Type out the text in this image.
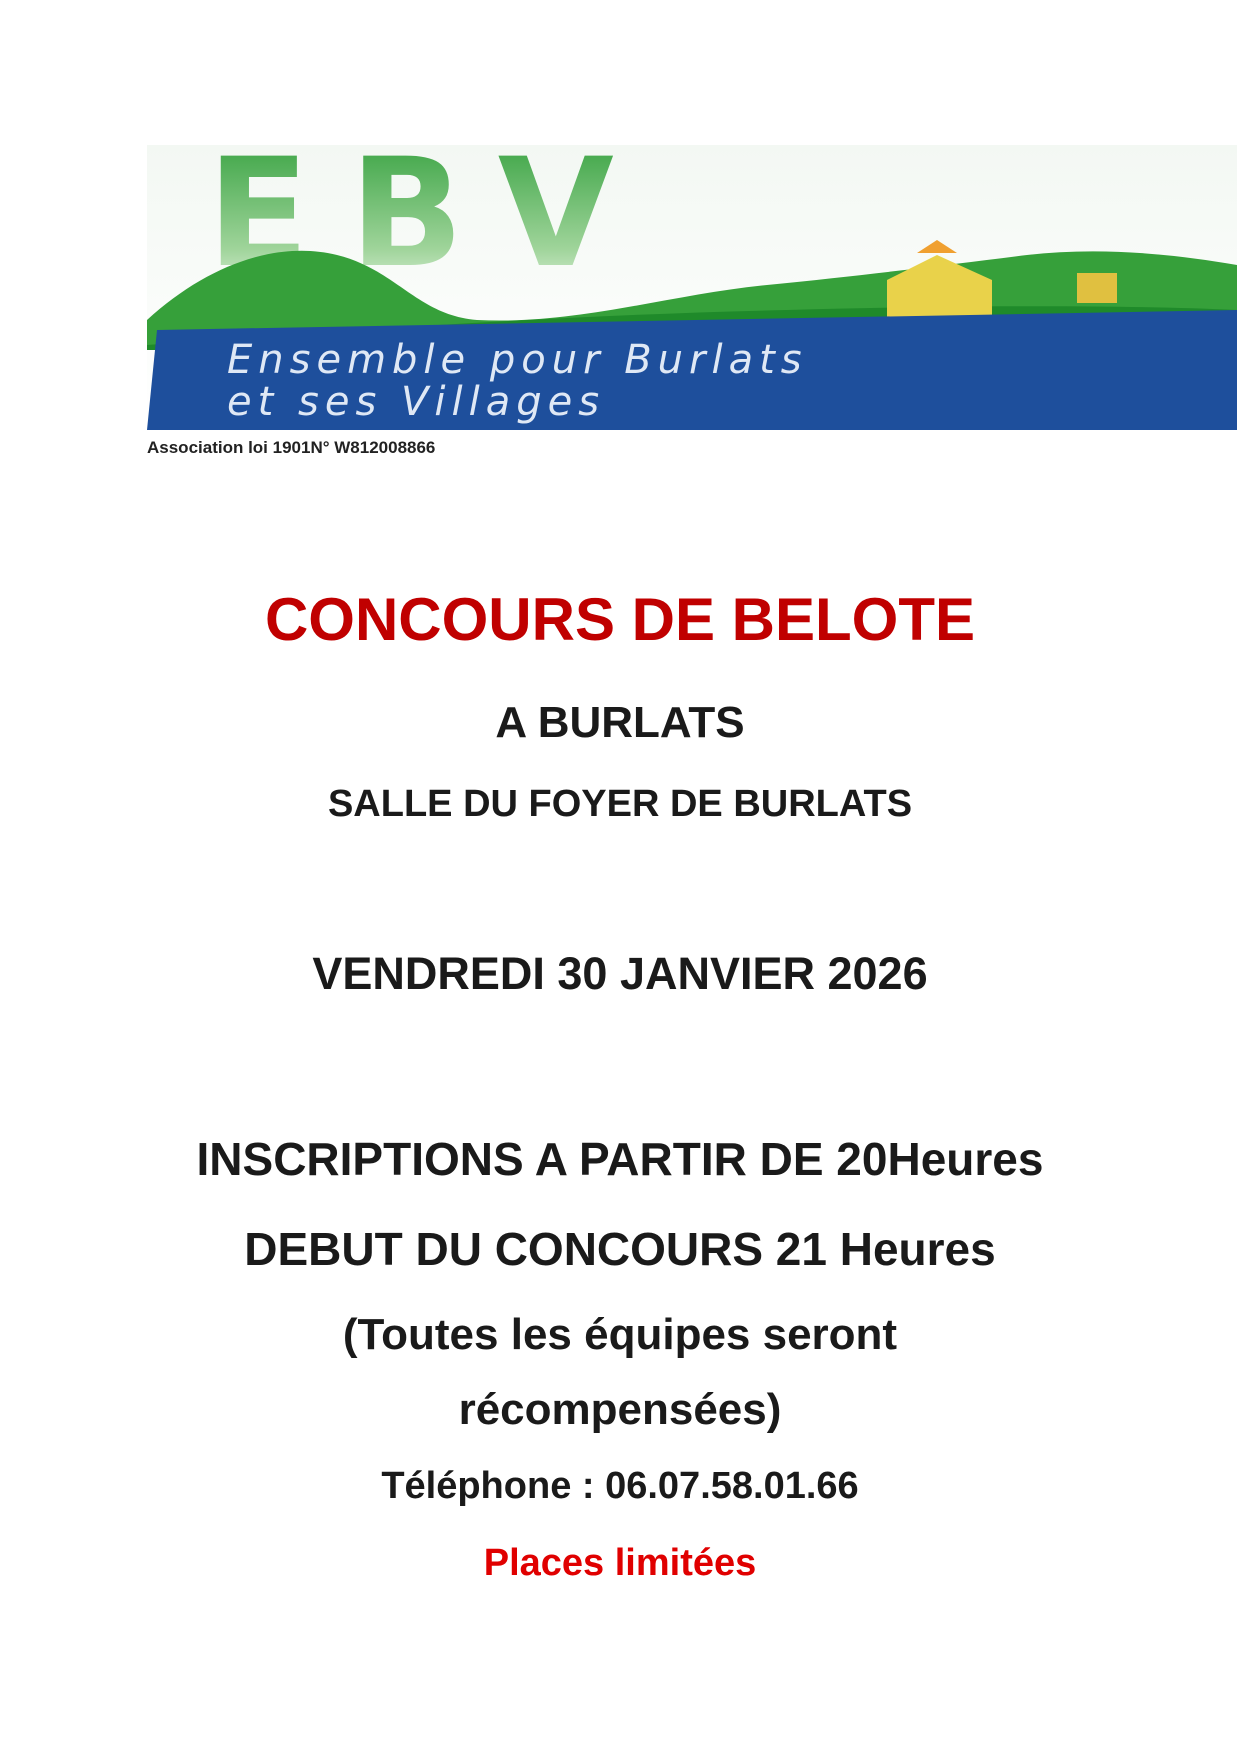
EBV
Ensemble pour Burlats
et ses Villages
Association loi 1901N° W812008866
CONCOURS DE BELOTE
A BURLATS
SALLE DU FOYER DE BURLATS
VENDREDI 30 JANVIER 2026
INSCRIPTIONS A PARTIR DE 20Heures
DEBUT DU CONCOURS 21 Heures
(Toutes les équipes seront
récompensées)
Téléphone : 06.07.58.01.66
Places limitées
